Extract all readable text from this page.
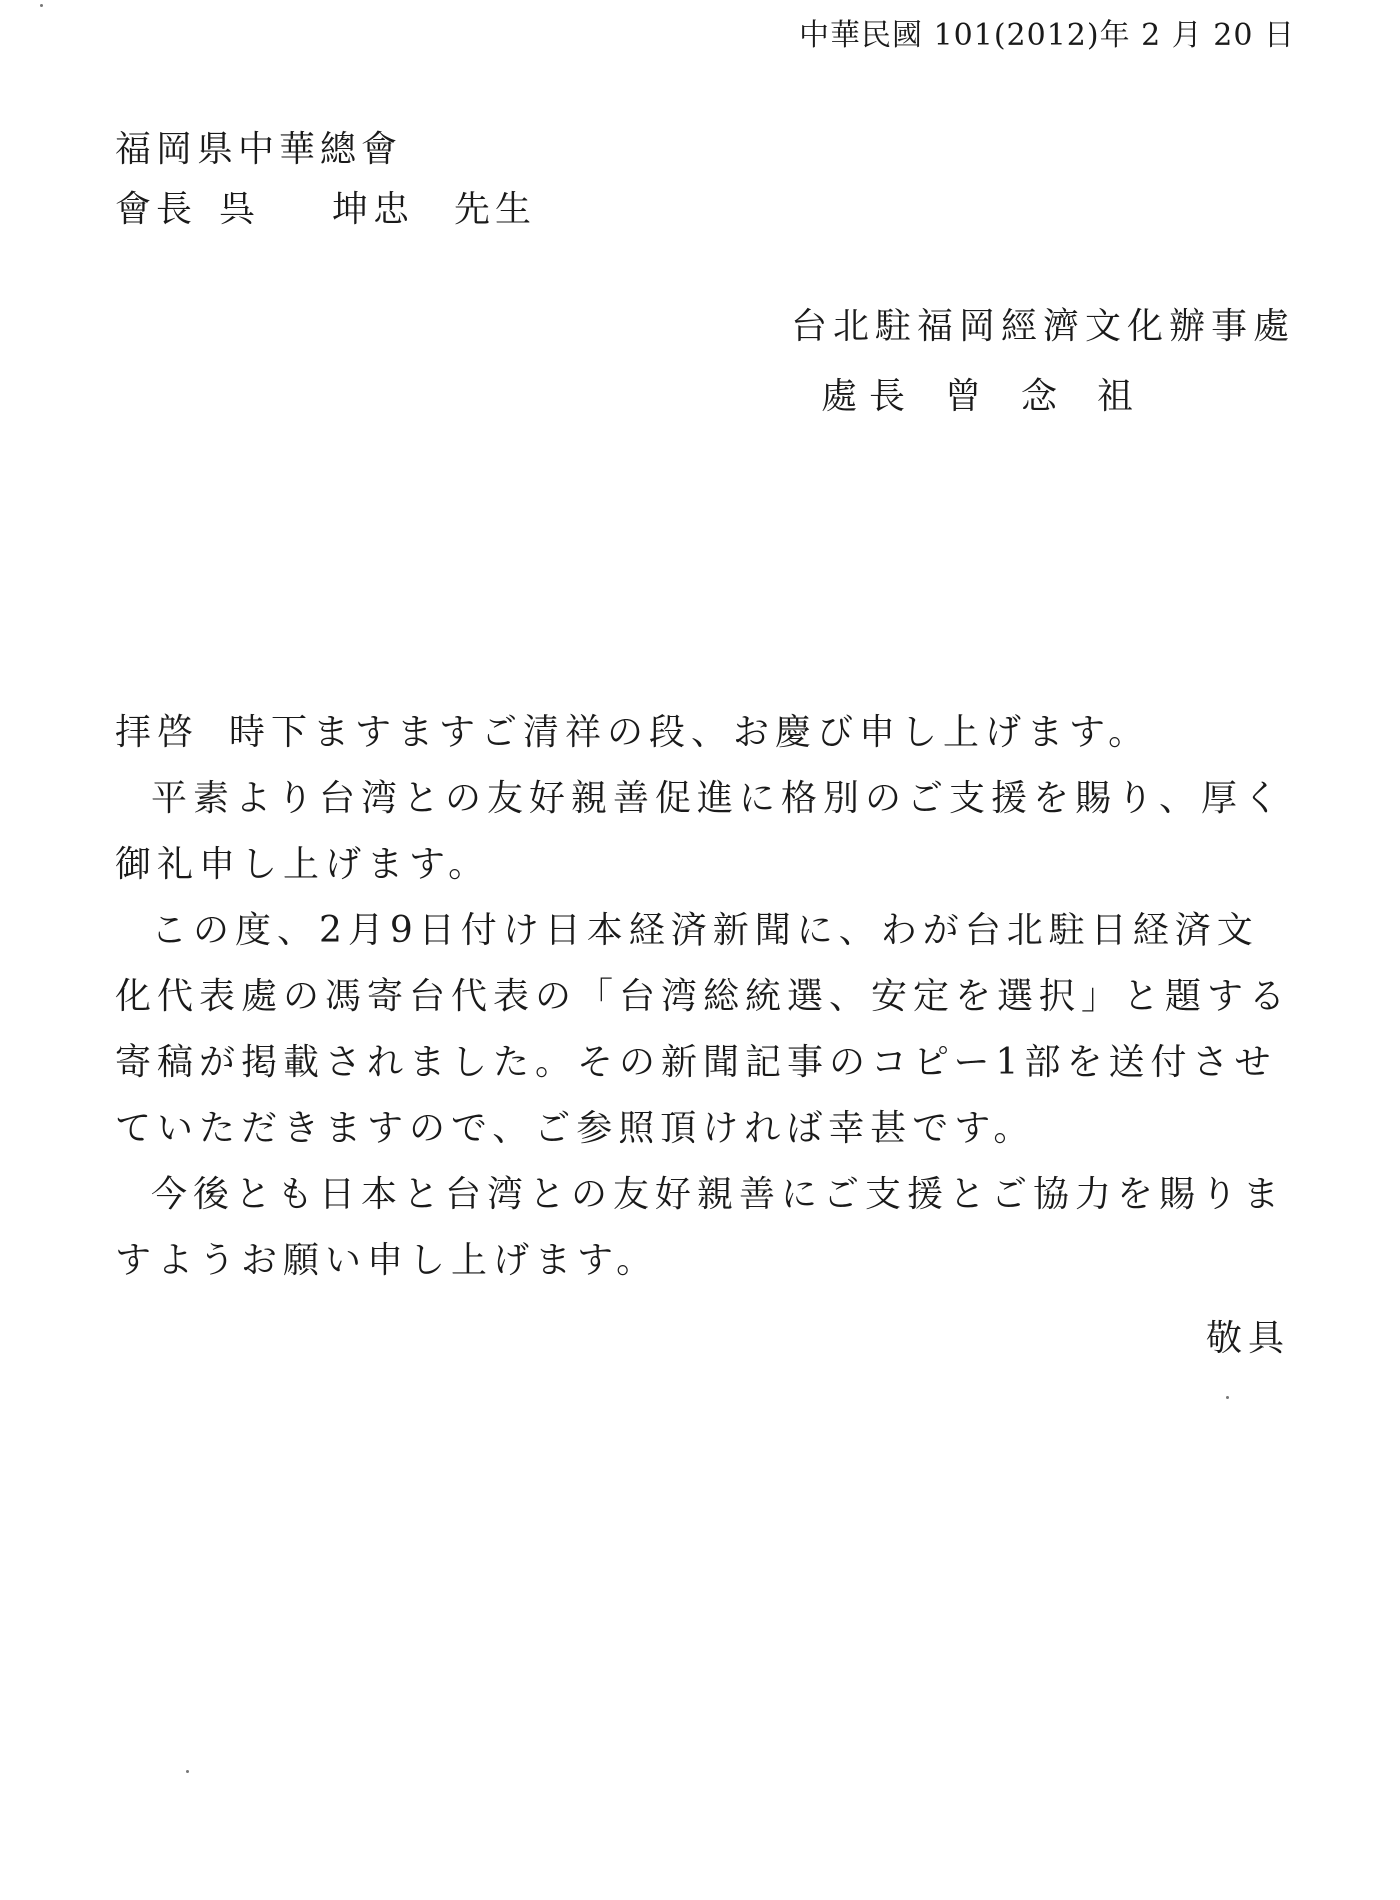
中華民國 101(2012)年 2 月 20 日
福岡県中華總會
會長 呉 坤忠 先生
台北駐福岡經濟文化辦事處
處長 曾 念 祖

拝啓 時下ますますご清祥の段、お慶び申し上げます。

平素より台湾との友好親善促進に格別のご支援を賜り、厚く御礼申し上げます。

この度、2月9日付け日本経済新聞に、わが台北駐日経済文化代表處の馮寄台代表の「台湾総統選、安定を選択」と題する寄稿が掲載されました。その新聞記事のコピー1部を送付させていただきますので、ご参照頂ければ幸甚です。

今後とも日本と台湾との友好親善にご支援とご協力を賜りますようお願い申し上げます。

敬具
